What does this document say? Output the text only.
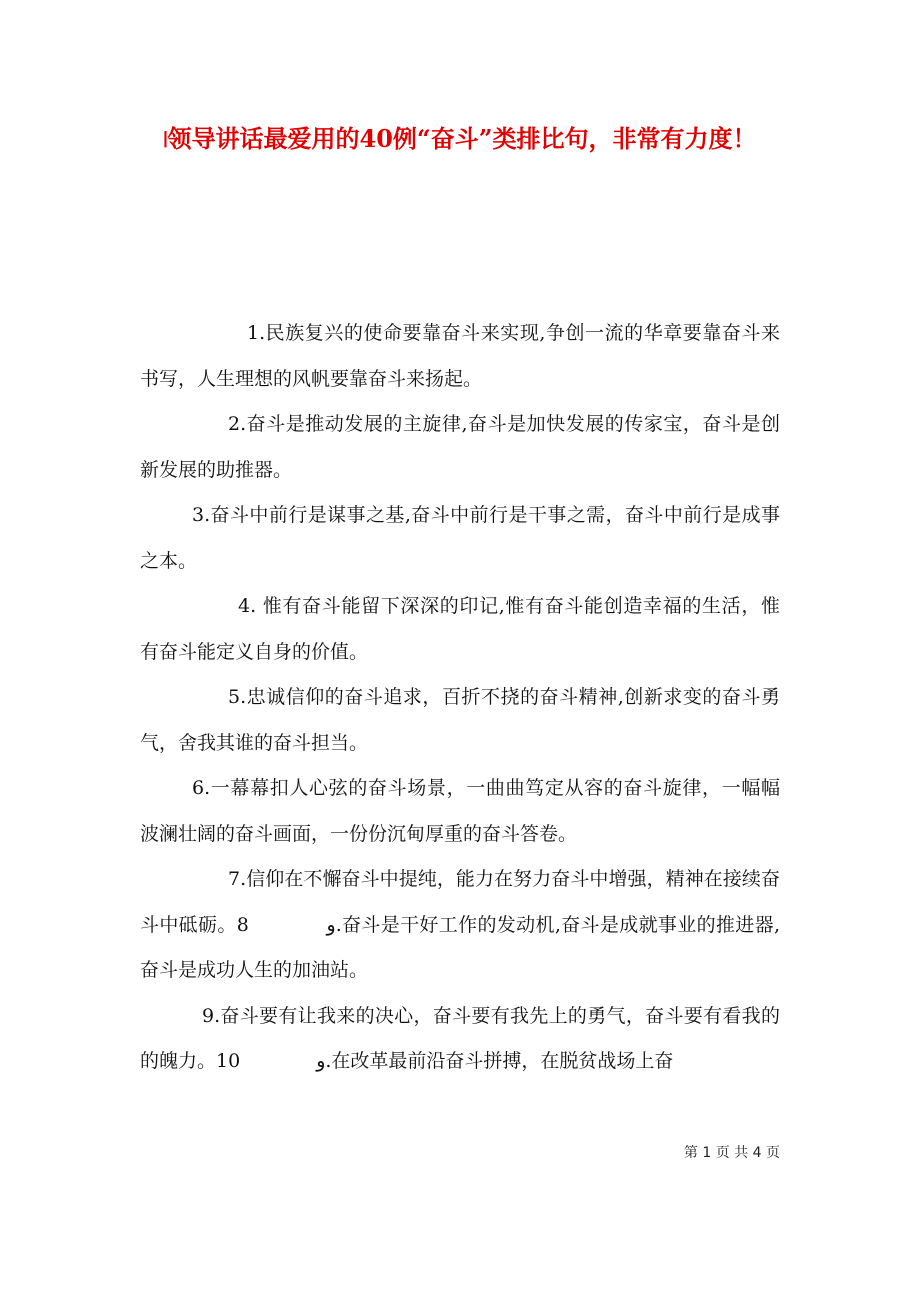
৷领导讲话最爱用的40例“奋斗”类排比句，非常有力度！

1.民族复兴的使命要靠奋斗来实现,争创一流的华章要靠奋斗来书写，人生理想的风帆要靠奋斗来扬起。

2.奋斗是推动发展的主旋律,奋斗是加快发展的传家宝，奋斗是创新发展的助推器。

3.奋斗中前行是谋事之基,奋斗中前行是干事之需，奋斗中前行是成事之本。

4. 惟有奋斗能留下深深的印记,惟有奋斗能创造幸福的生活，惟有奋斗能定义自身的价值。

5.忠诚信仰的奋斗追求，百折不挠的奋斗精神,创新求变的奋斗勇气，舍我其谁的奋斗担当。

6.一幕幕扣人心弦的奋斗场景，一曲曲笃定从容的奋斗旋律，一幅幅波澜壮阔的奋斗画面，一份份沉甸厚重的奋斗答卷。

7.信仰在不懈奋斗中提纯，能力在努力奋斗中增强，精神在接续奋斗中砥砺。8　　　　و.奋斗是干好工作的发动机,奋斗是成就事业的推进器,奋斗是成功人生的加油站。

9.奋斗要有让我来的决心，奋斗要有我先上的勇气，奋斗要有看我的的魄力。10　　　　و.在改革最前沿奋斗拼搏，在脱贫战场上奋

第 1 页 共 4 页
